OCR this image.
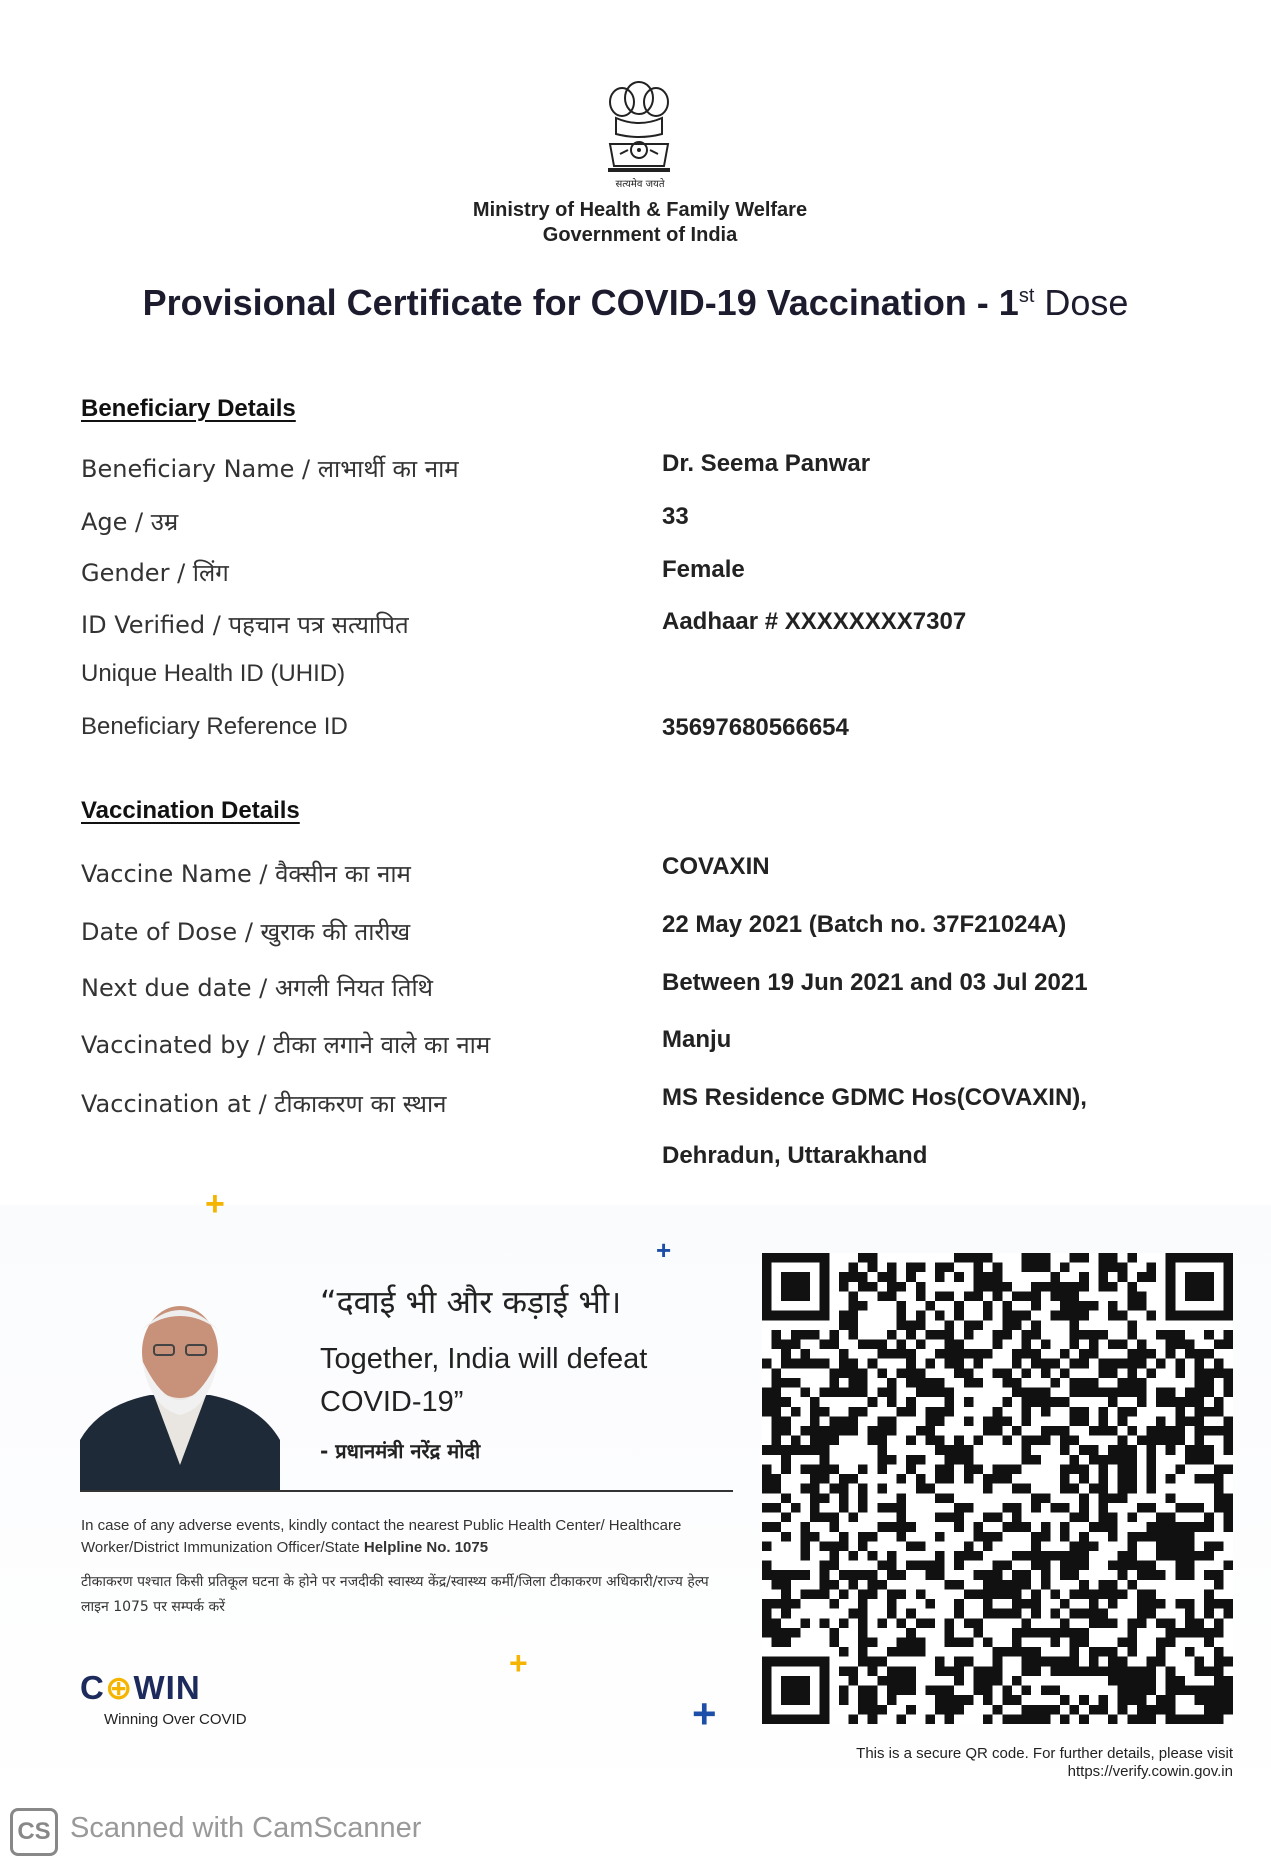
सत्यमेव जयते
Ministry of Health & Family Welfare
Government of India
Provisional Certificate for COVID-19 Vaccination - 1st Dose
Beneficiary Details
Beneficiary Name / लाभार्थी का नाम	Dr. Seema Panwar
Age / उम्र	33
Gender / लिंग	Female
ID Verified / पहचान पत्र सत्यापित	Aadhaar # XXXXXXXX7307
Unique Health ID (UHID)
Beneficiary Reference ID	35697680566654
Vaccination Details
Vaccine Name / वैक्सीन का नाम	COVAXIN
Date of Dose / खुराक की तारीख	22 May 2021 (Batch no. 37F21024A)
Next due date / अगली नियत तिथि	Between 19 Jun 2021 and 03 Jul 2021
Vaccinated by / टीका लगाने वाले का नाम	Manju
Vaccination at / टीकाकरण का स्थान	MS Residence GDMC Hos(COVAXIN),
Dehradun, Uttarakhand
+
+
+
+
“दवाई भी और कड़ाई भी।
Together, India will defeat COVID-19”
- प्रधानमंत्री नरेंद्र मोदी
In case of any adverse events, kindly contact the nearest Public Health Center/ Healthcare Worker/District Immunization Officer/State Helpline No. 1075
टीकाकरण पश्चात किसी प्रतिकूल घटना के होने पर नजदीकी स्वास्थ्य केंद्र/स्वास्थ्य कर्मी/जिला टीकाकरण अधिकारी/राज्य हेल्प लाइन 1075 पर सम्पर्क करें
C⊕WIN
Winning Over COVID
This is a secure QR code. For further details, please visit https://verify.cowin.gov.in
CS Scanned with CamScanner
